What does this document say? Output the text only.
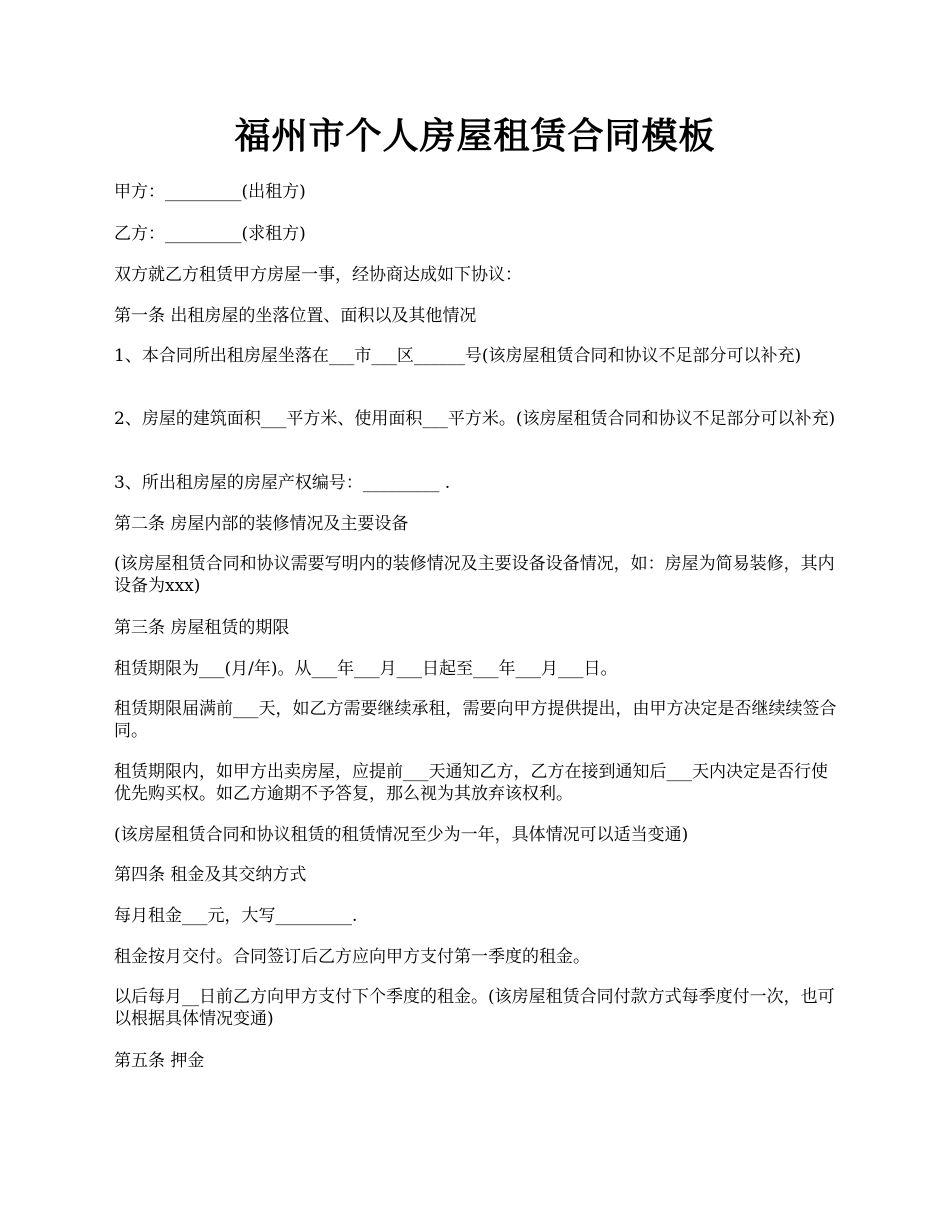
福州市个人房屋租赁合同模板

甲方：_________(出租方)

乙方：_________(求租方)

双方就乙方租赁甲方房屋一事，经协商达成如下协议：

第一条 出租房屋的坐落位置、面积以及其他情况

1、本合同所出租房屋坐落在___市___区______号(该房屋租赁合同和协议不足部分可以补充)

2、房屋的建筑面积___平方米、使用面积___平方米。(该房屋租赁合同和协议不足部分可以补充)

3、所出租房屋的房屋产权编号：_________ .

第二条 房屋内部的装修情况及主要设备

(该房屋租赁合同和协议需要写明内的装修情况及主要设备设备情况，如：房屋为简易装修，其内设备为xxx)

第三条 房屋租赁的期限

租赁期限为___(月/年)。从___年___月___日起至___年___月___日。

租赁期限届满前___天，如乙方需要继续承租，需要向甲方提供提出，由甲方决定是否继续续签合同。

租赁期限内，如甲方出卖房屋，应提前___天通知乙方，乙方在接到通知后___天内决定是否行使优先购买权。如乙方逾期不予答复，那么视为其放弃该权利。

(该房屋租赁合同和协议租赁的租赁情况至少为一年，具体情况可以适当变通)

第四条 租金及其交纳方式

每月租金___元，大写_________.

租金按月交付。合同签订后乙方应向甲方支付第一季度的租金。

以后每月__日前乙方向甲方支付下个季度的租金。(该房屋租赁合同付款方式每季度付一次，也可以根据具体情况变通)

第五条 押金
